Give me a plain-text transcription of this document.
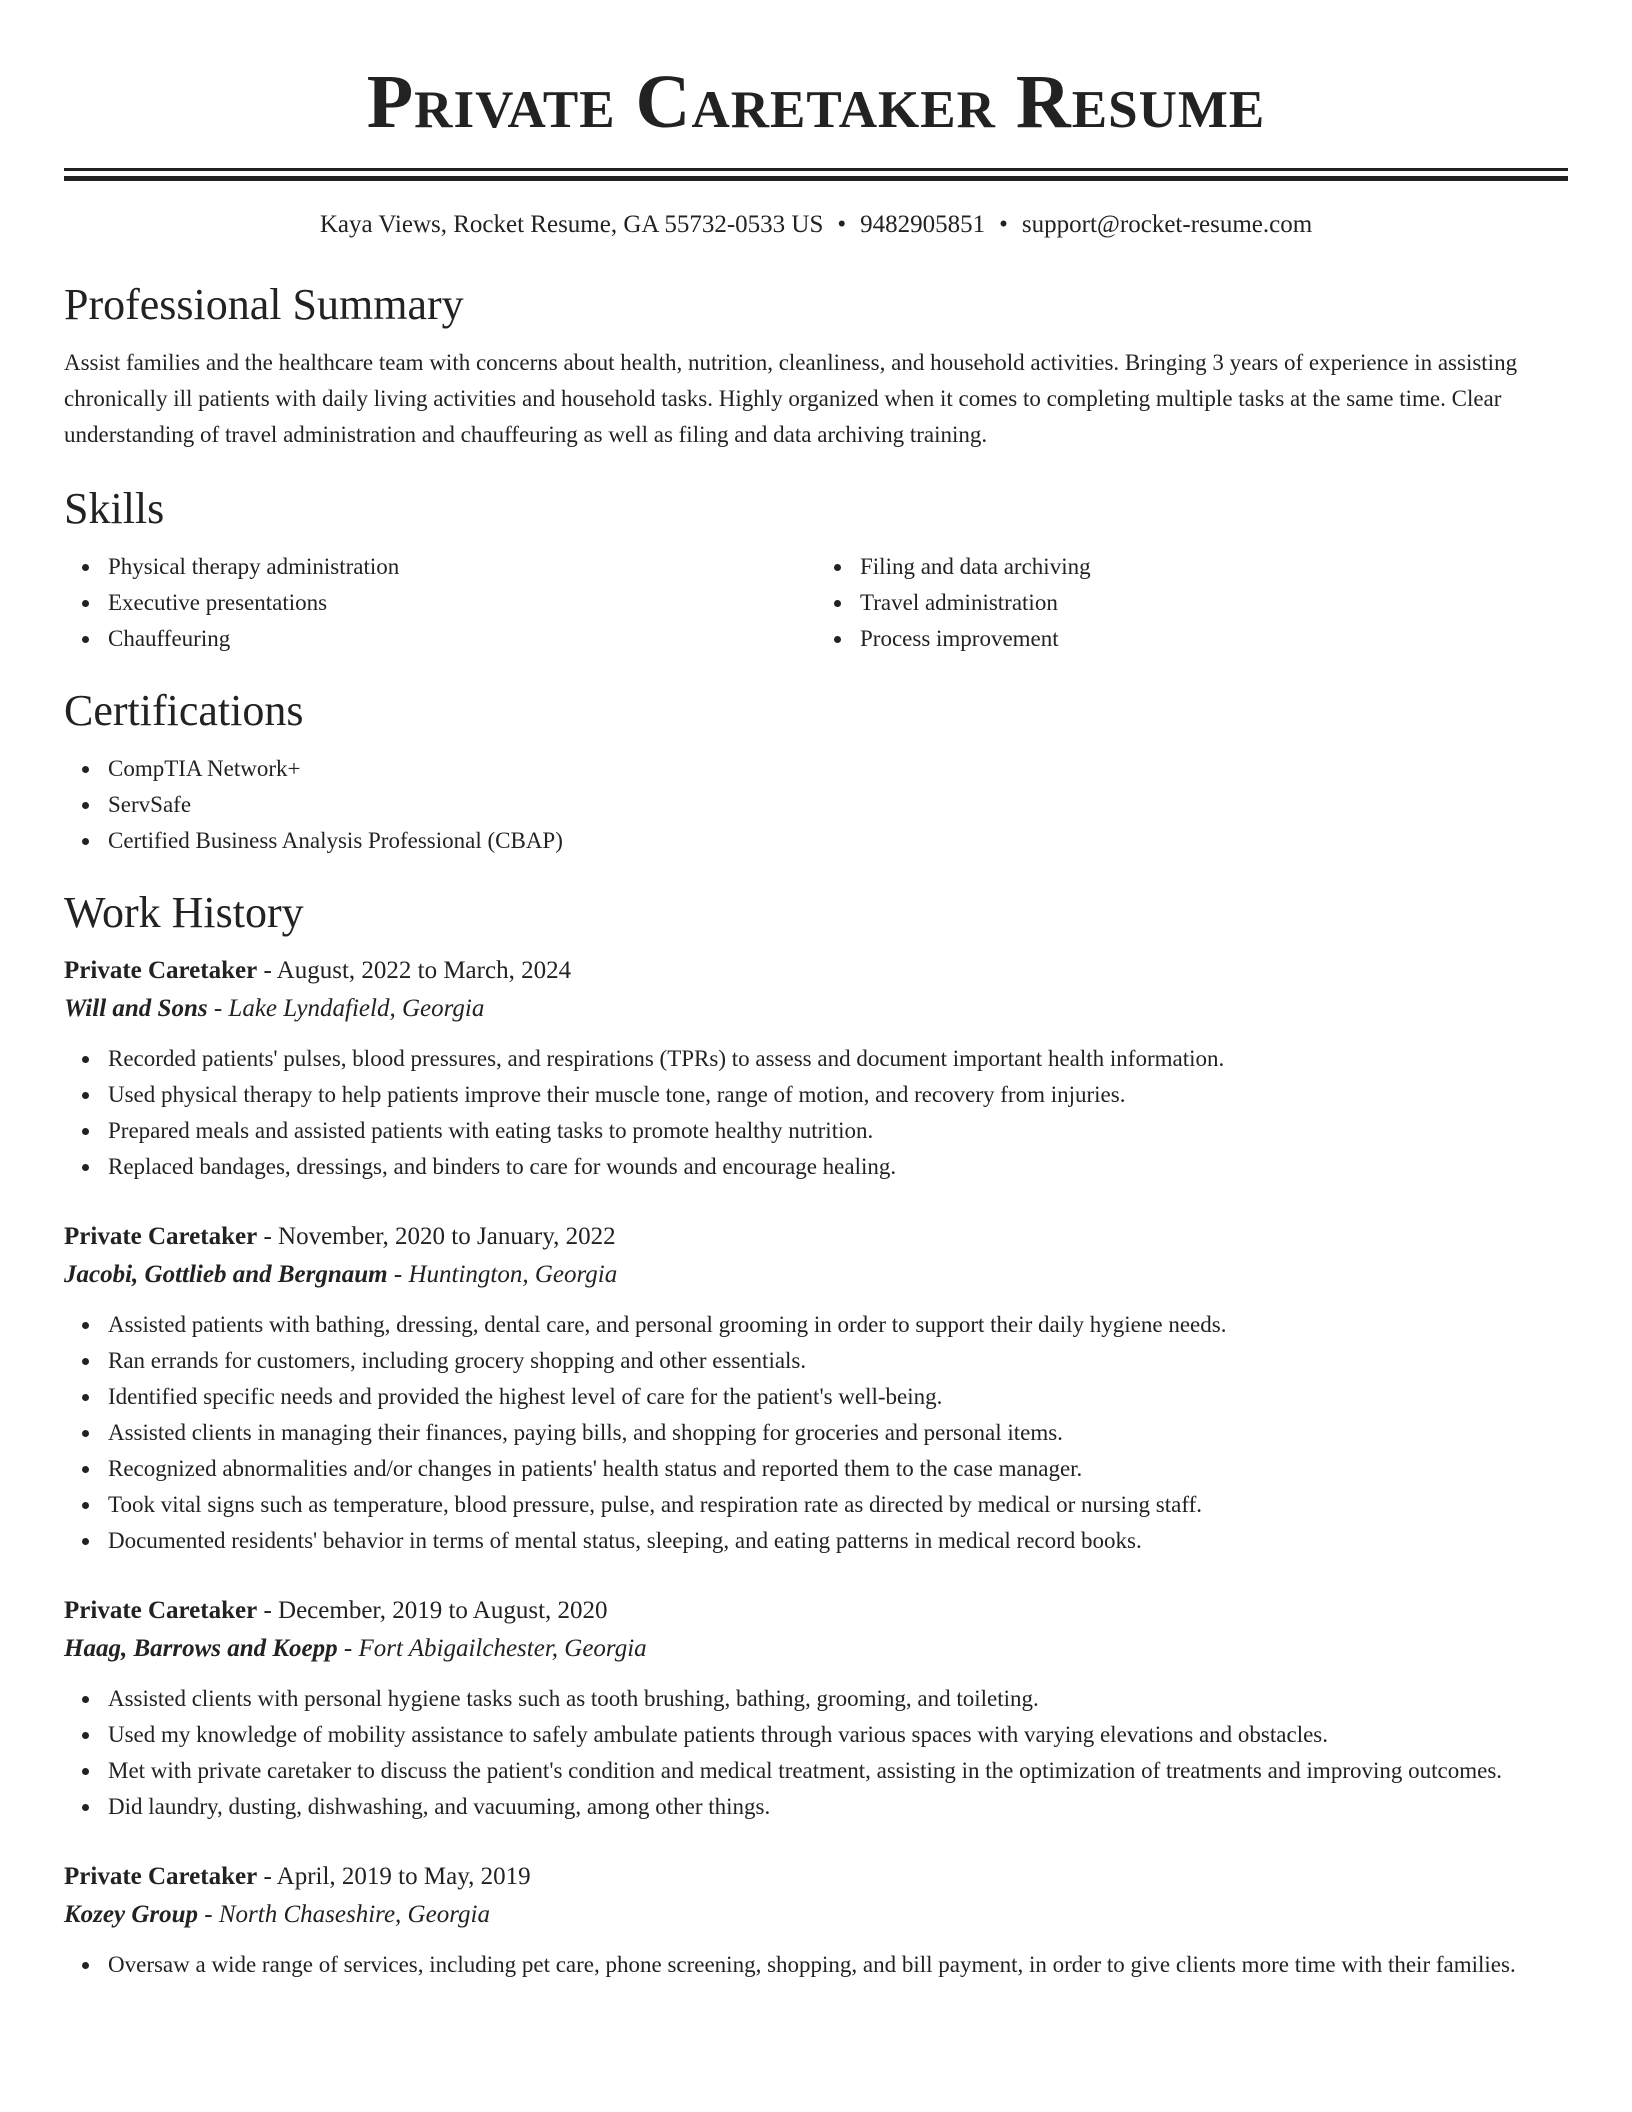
Private Caretaker Resume
Kaya Views, Rocket Resume, GA 55732-0533 US • 9482905851 • support@rocket-resume.com
Professional Summary

Assist families and the healthcare team with concerns about health, nutrition, cleanliness, and household activities. Bringing 3 years of experience in assisting chronically ill patients with daily living activities and household tasks. Highly organized when it comes to completing multiple tasks at the same time. Clear understanding of travel administration and chauffeuring as well as filing and data archiving training.

Skills
Physical therapy administration
Executive presentations
Chauffeuring
Filing and data archiving
Travel administration
Process improvement
Certifications
CompTIA Network+
ServSafe
Certified Business Analysis Professional (CBAP)
Work History
Private Caretaker - August, 2022 to March, 2024
Will and Sons - Lake Lyndafield, Georgia
Recorded patients' pulses, blood pressures, and respirations (TPRs) to assess and document important health information.
Used physical therapy to help patients improve their muscle tone, range of motion, and recovery from injuries.
Prepared meals and assisted patients with eating tasks to promote healthy nutrition.
Replaced bandages, dressings, and binders to care for wounds and encourage healing.
Private Caretaker - November, 2020 to January, 2022
Jacobi, Gottlieb and Bergnaum - Huntington, Georgia
Assisted patients with bathing, dressing, dental care, and personal grooming in order to support their daily hygiene needs.
Ran errands for customers, including grocery shopping and other essentials.
Identified specific needs and provided the highest level of care for the patient's well-being.
Assisted clients in managing their finances, paying bills, and shopping for groceries and personal items.
Recognized abnormalities and/or changes in patients' health status and reported them to the case manager.
Took vital signs such as temperature, blood pressure, pulse, and respiration rate as directed by medical or nursing staff.
Documented residents' behavior in terms of mental status, sleeping, and eating patterns in medical record books.
Private Caretaker - December, 2019 to August, 2020
Haag, Barrows and Koepp - Fort Abigailchester, Georgia
Assisted clients with personal hygiene tasks such as tooth brushing, bathing, grooming, and toileting.
Used my knowledge of mobility assistance to safely ambulate patients through various spaces with varying elevations and obstacles.
Met with private caretaker to discuss the patient's condition and medical treatment, assisting in the optimization of treatments and improving outcomes.
Did laundry, dusting, dishwashing, and vacuuming, among other things.
Private Caretaker - April, 2019 to May, 2019
Kozey Group - North Chaseshire, Georgia
Oversaw a wide range of services, including pet care, phone screening, shopping, and bill payment, in order to give clients more time with their families.
